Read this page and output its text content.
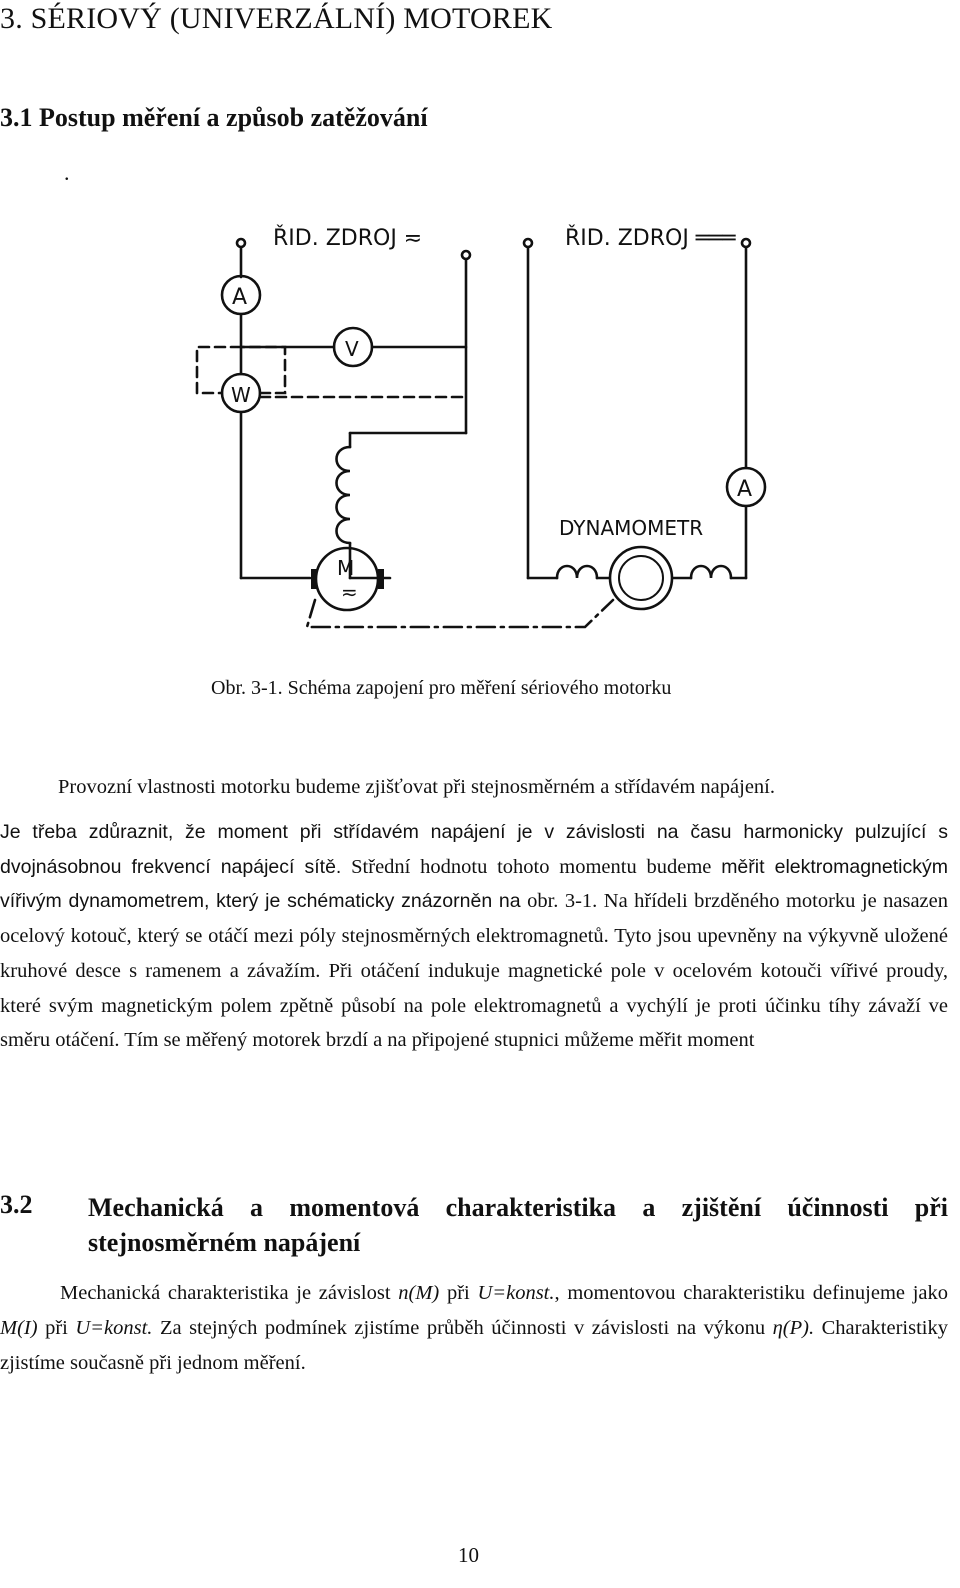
3. SÉRIOVÝ (UNIVERZÁLNÍ) MOTOREK
3.1 Postup měření a způsob zatěžování
.
ŘID. ZDROJ ≂	ŘID. ZDROJ ═══
A
W
V
M
≂
A
DYNAMOMETR
Obr. 3-1. Schéma zapojení pro měření sériového motorku

Provozní vlastnosti motorku budeme zjišťovat při stejnosměrném a střídavém napájení.

Je třeba zdůraznit, že moment při střídavém napájení je v závislosti na času harmonicky pulzující s dvojnásobnou frekvencí napájecí sítě. Střední hodnotu tohoto momentu budeme měřit elektromagnetickým vířivým dynamometrem, který je schématicky znázorněn na obr. 3-1. Na hřídeli brzděného motorku je nasazen ocelový kotouč, který se otáčí mezi póly stejnosměrných elektromagnetů. Tyto jsou upevněny na výkyvně uložené kruhové desce s ramenem a závažím. Při otáčení indukuje magnetické pole v ocelovém kotouči vířivé proudy, které svým magnetickým polem zpětně působí na pole elektromagnetů a vychýlí je proti účinku tíhy závaží ve směru otáčení. Tím se měřený motorek brzdí a na připojené stupnici můžeme měřit moment

3.2 Mechanická a momentová charakteristika a zjištění účinnosti při stejnosměrném napájení

Mechanická charakteristika je závislost n(M) při U=konst., momentovou charakteristiku definujeme jako M(I) při U=konst. Za stejných podmínek zjistíme průběh účinnosti v závislosti na výkonu η(P). Charakteristiky zjistíme současně při jednom měření.

10
